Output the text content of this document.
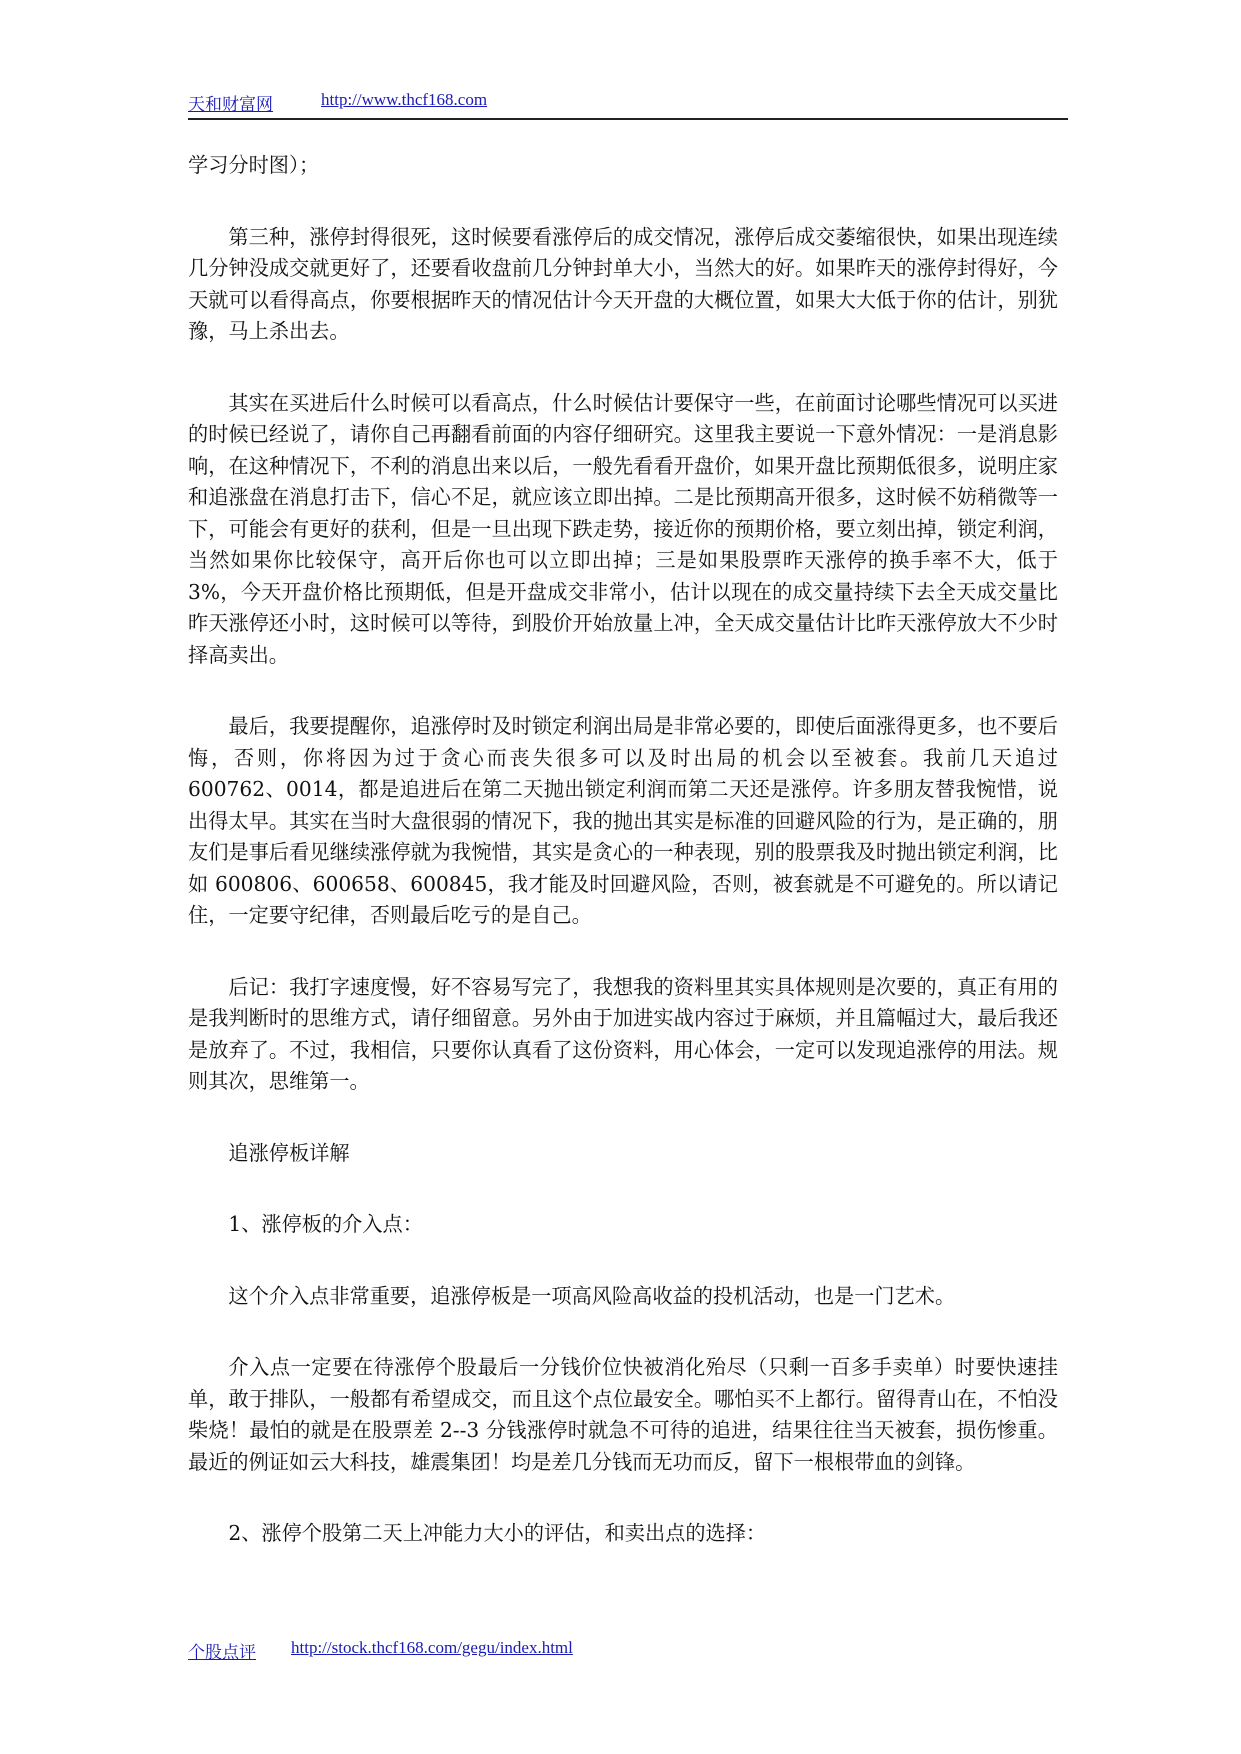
天和财富网	http://www.thcf168.com

学习分时图）；

第三种，涨停封得很死，这时候要看涨停后的成交情况，涨停后成交萎缩很快，如果出现连续几分钟没成交就更好了，还要看收盘前几分钟封单大小，当然大的好。如果昨天的涨停封得好，今天就可以看得高点，你要根据昨天的情况估计今天开盘的大概位置，如果大大低于你的估计，别犹豫，马上杀出去。

其实在买进后什么时候可以看高点，什么时候估计要保守一些，在前面讨论哪些情况可以买进的时候已经说了，请你自己再翻看前面的内容仔细研究。这里我主要说一下意外情况：一是消息影响，在这种情况下，不利的消息出来以后，一般先看看开盘价，如果开盘比预期低很多，说明庄家和追涨盘在消息打击下，信心不足，就应该立即出掉。二是比预期高开很多，这时候不妨稍微等一下，可能会有更好的获利，但是一旦出现下跌走势，接近你的预期价格，要立刻出掉，锁定利润，当然如果你比较保守，高开后你也可以立即出掉；三是如果股票昨天涨停的换手率不大，低于 3%，今天开盘价格比预期低，但是开盘成交非常小，估计以现在的成交量持续下去全天成交量比昨天涨停还小时，这时候可以等待，到股价开始放量上冲，全天成交量估计比昨天涨停放大不少时择高卖出。

最后，我要提醒你，追涨停时及时锁定利润出局是非常必要的，即使后面涨得更多，也不要后悔，否则，你将因为过于贪心而丧失很多可以及时出局的机会以至被套。我前几天追过 600762、0014，都是追进后在第二天抛出锁定利润而第二天还是涨停。许多朋友替我惋惜，说出得太早。其实在当时大盘很弱的情况下，我的抛出其实是标准的回避风险的行为，是正确的，朋友们是事后看见继续涨停就为我惋惜，其实是贪心的一种表现，别的股票我及时抛出锁定利润，比如 600806、600658、600845，我才能及时回避风险，否则，被套就是不可避免的。所以请记住，一定要守纪律，否则最后吃亏的是自己。

后记：我打字速度慢，好不容易写完了，我想我的资料里其实具体规则是次要的，真正有用的是我判断时的思维方式，请仔细留意。另外由于加进实战内容过于麻烦，并且篇幅过大，最后我还是放弃了。不过，我相信，只要你认真看了这份资料，用心体会，一定可以发现追涨停的用法。规则其次，思维第一。

追涨停板详解

1、涨停板的介入点：

这个介入点非常重要，追涨停板是一项高风险高收益的投机活动，也是一门艺术。

介入点一定要在待涨停个股最后一分钱价位快被消化殆尽（只剩一百多手卖单）时要快速挂单，敢于排队，一般都有希望成交，而且这个点位最安全。哪怕买不上都行。留得青山在，不怕没柴烧！最怕的就是在股票差 2--3 分钱涨停时就急不可待的追进，结果往往当天被套，损伤惨重。最近的例证如云大科技，雄震集团！均是差几分钱而无功而反，留下一根根带血的剑锋。

2、涨停个股第二天上冲能力大小的评估，和卖出点的选择：

个股点评 http://stock.thcf168.com/gegu/index.html
